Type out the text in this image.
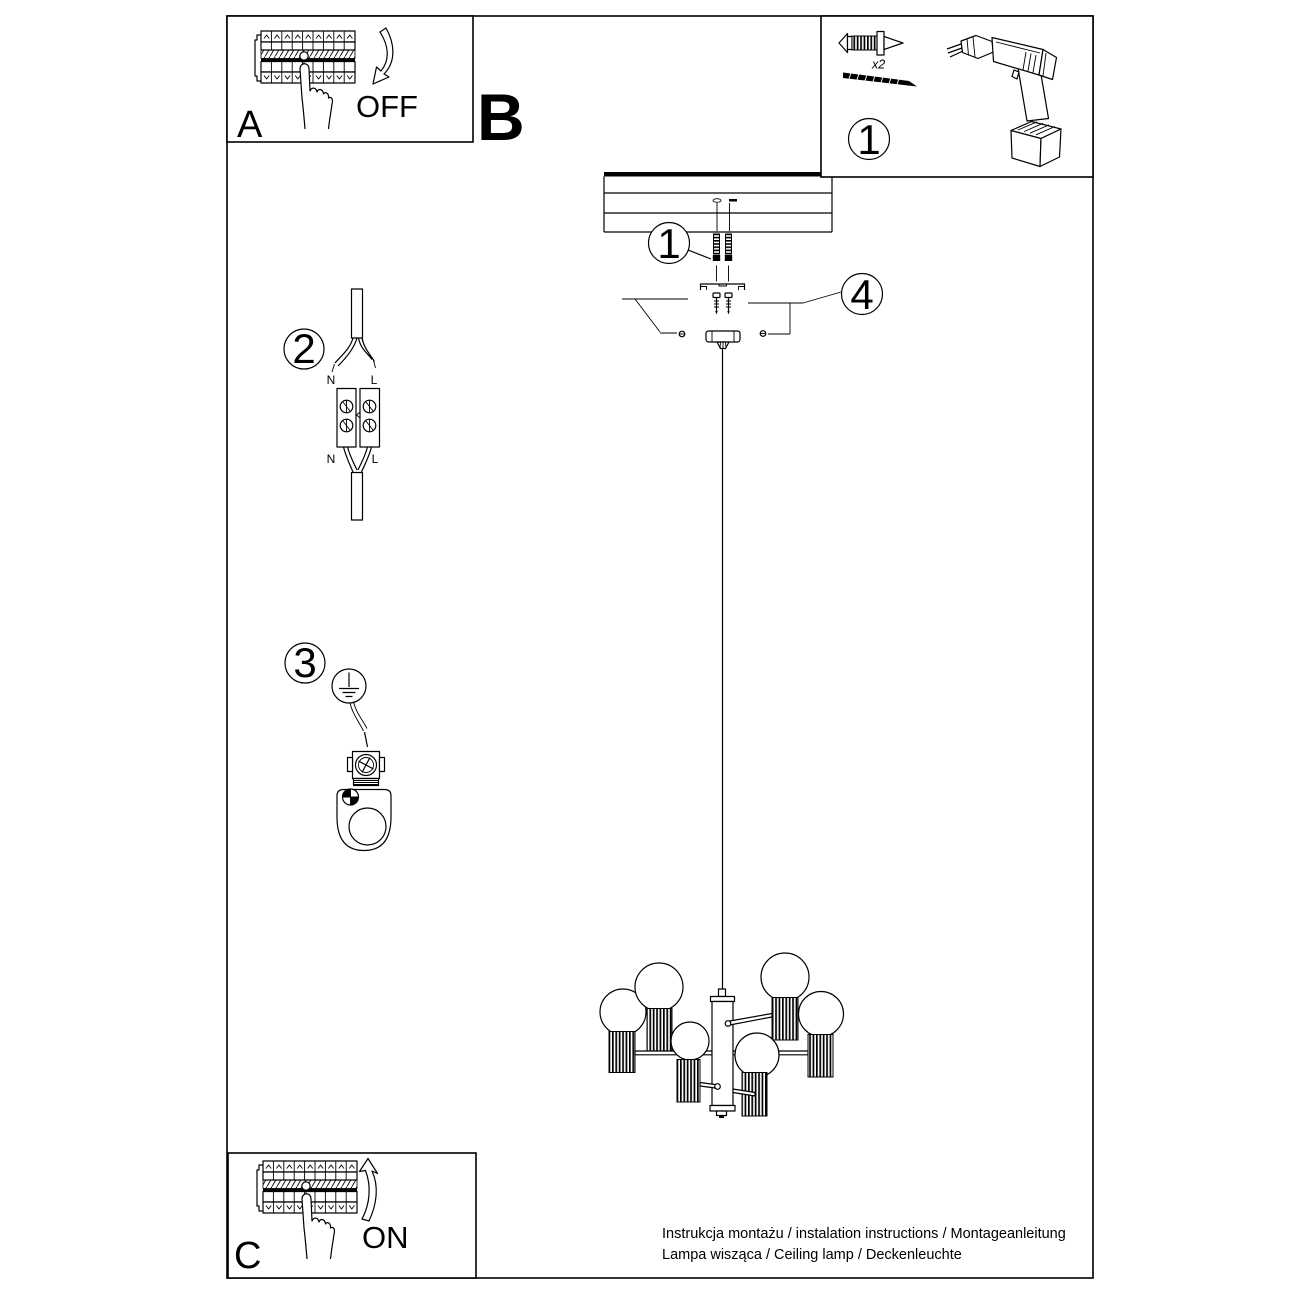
1
4
2
N	L
N	L
3
A	OFF B
x2
1
C	ON	Instrukcja montażu / instalation instructions / Montageanleitung
Lampa wisząca / Ceiling lamp / Deckenleuchte
